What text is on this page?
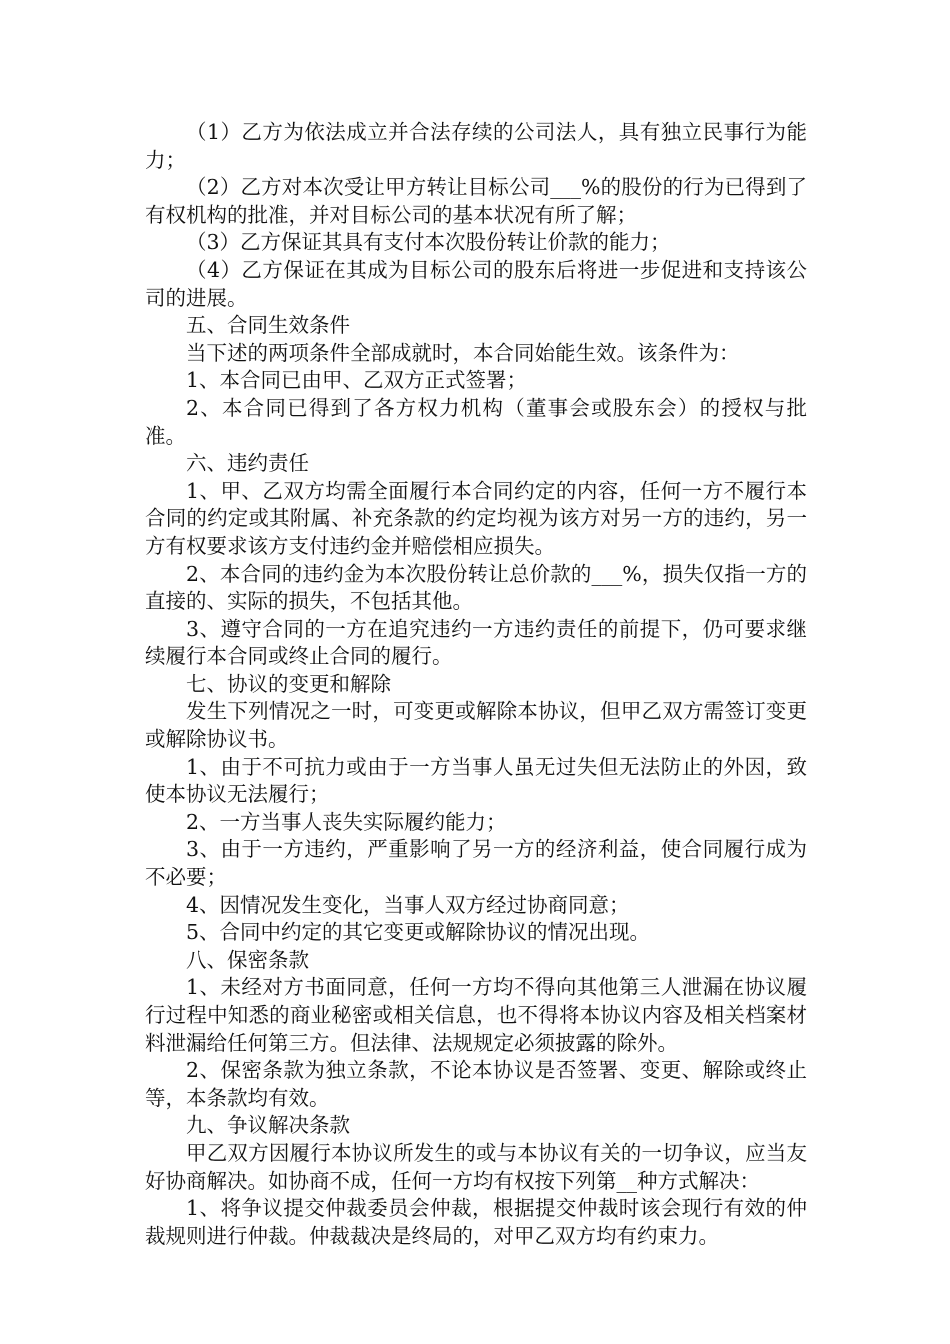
（1）乙方为依法成立并合法存续的公司法人，具有独立民事行为能力；

（2）乙方对本次受让甲方转让目标公司___%的股份的行为已得到了有权机构的批准，并对目标公司的基本状况有所了解；

（3）乙方保证其具有支付本次股份转让价款的能力；

（4）乙方保证在其成为目标公司的股东后将进一步促进和支持该公司的进展。

五、合同生效条件

当下述的两项条件全部成就时，本合同始能生效。该条件为：

1、本合同已由甲、乙双方正式签署；

2、本合同已得到了各方权力机构（董事会或股东会）的授权与批准。

六、违约责任

1、甲、乙双方均需全面履行本合同约定的内容，任何一方不履行本合同的约定或其附属、补充条款的约定均视为该方对另一方的违约，另一方有权要求该方支付违约金并赔偿相应损失。

2、本合同的违约金为本次股份转让总价款的___%，损失仅指一方的直接的、实际的损失，不包括其他。

3、遵守合同的一方在追究违约一方违约责任的前提下，仍可要求继续履行本合同或终止合同的履行。

七、协议的变更和解除

发生下列情况之一时，可变更或解除本协议，但甲乙双方需签订变更或解除协议书。

1、由于不可抗力或由于一方当事人虽无过失但无法防止的外因，致使本协议无法履行；

2、一方当事人丧失实际履约能力；

3、由于一方违约，严重影响了另一方的经济利益，使合同履行成为不必要；

4、因情况发生变化，当事人双方经过协商同意；

5、合同中约定的其它变更或解除协议的情况出现。

八、保密条款

1、未经对方书面同意，任何一方均不得向其他第三人泄漏在协议履行过程中知悉的商业秘密或相关信息，也不得将本协议内容及相关档案材料泄漏给任何第三方。但法律、法规规定必须披露的除外。

2、保密条款为独立条款，不论本协议是否签署、变更、解除或终止等，本条款均有效。

九、争议解决条款

甲乙双方因履行本协议所发生的或与本协议有关的一切争议，应当友好协商解决。如协商不成，任何一方均有权按下列第__种方式解决：

1、将争议提交仲裁委员会仲裁，根据提交仲裁时该会现行有效的仲裁规则进行仲裁。仲裁裁决是终局的，对甲乙双方均有约束力。
